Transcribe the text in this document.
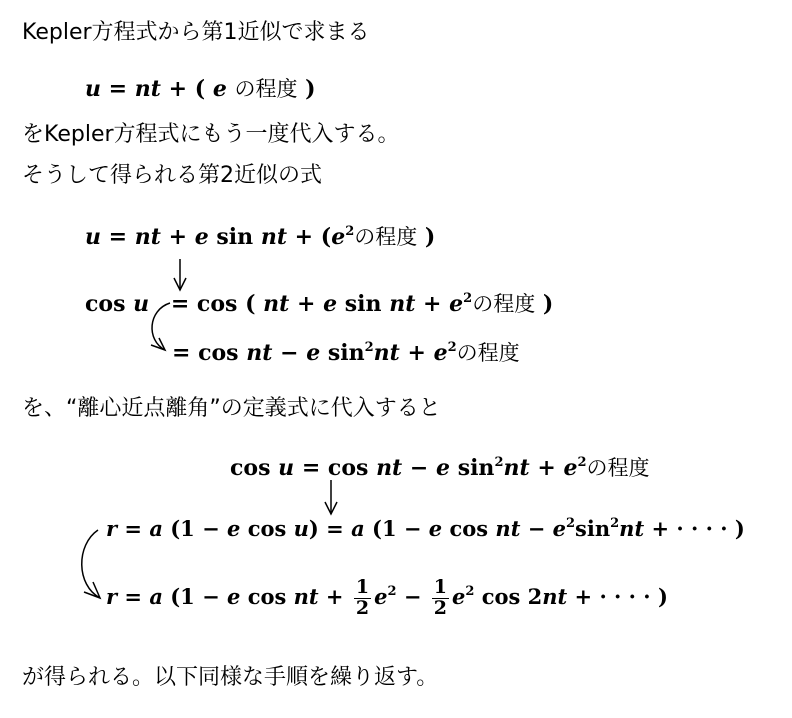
Kepler方程式から第1近似で求まる
u = nt + ( e の程度 )
をKepler方程式にもう一度代入する。
そうして得られる第2近似の式
u = nt + e sin nt + ($e^2$の程度 )
cos u = cos ( nt + e sin nt + $e^2$の程度 )
= cos nt − e $\sin^2nt + e^2$の程度
を、“離心近点離角”の定義式に代入すると
cos u = cos nt − e $\sin^2nt + e^2$の程度
r = a (1 − e cos u) = a (1 − e cos nt − $e^2\sin^2nt$ + · · · · )
r = a (1 − e cos nt + $\frac{1}{2} e^2 - \frac{1}{2} e^2$ cos 2nt + · · · · )
が得られる。以下同様な手順を繰り返す。
